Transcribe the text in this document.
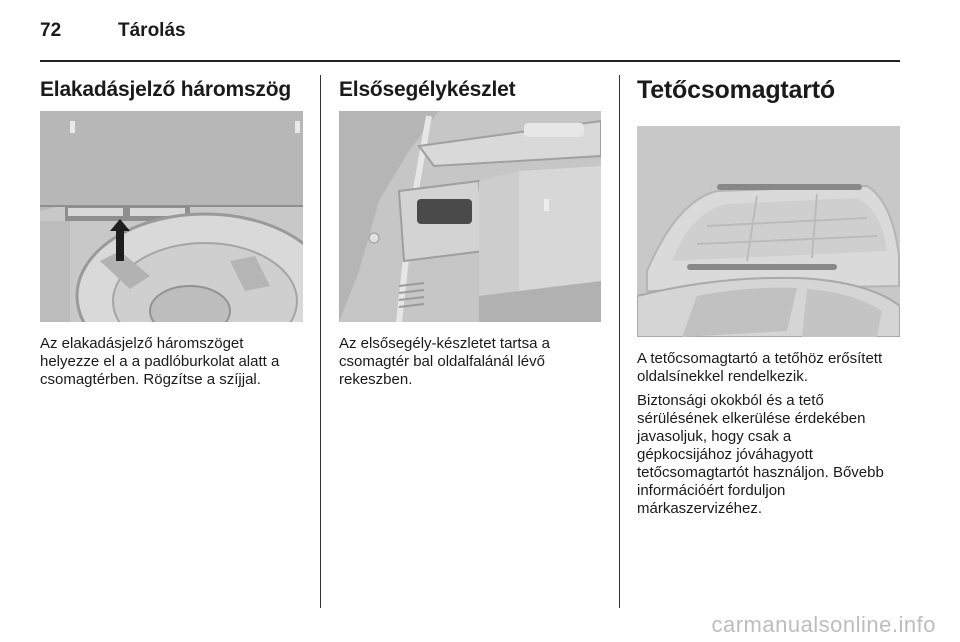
72	Tárolás
Elakadásjelző háromszög

Az elakadásjelző háromszöget
helyezze el a a padlóburkolat alatt a
csomagtérben. Rögzítse a szíjjal.

Elsősegélykészlet

Az elsősegély-készletet tartsa a
csomagtér bal oldalfalánál lévő
rekeszben.

Tetőcsomagtartó

A tetőcsomagtartó a tetőhöz erősített
oldalsínekkel rendelkezik.

Biztonsági okokból és a tető
sérülésének elkerülése érdekében
javasoljuk, hogy csak a
gépkocsijához jóváhagyott
tetőcsomagtartót használjon. Bővebb
információért forduljon
márkaszervizéhez.

carmanualsonline.info
